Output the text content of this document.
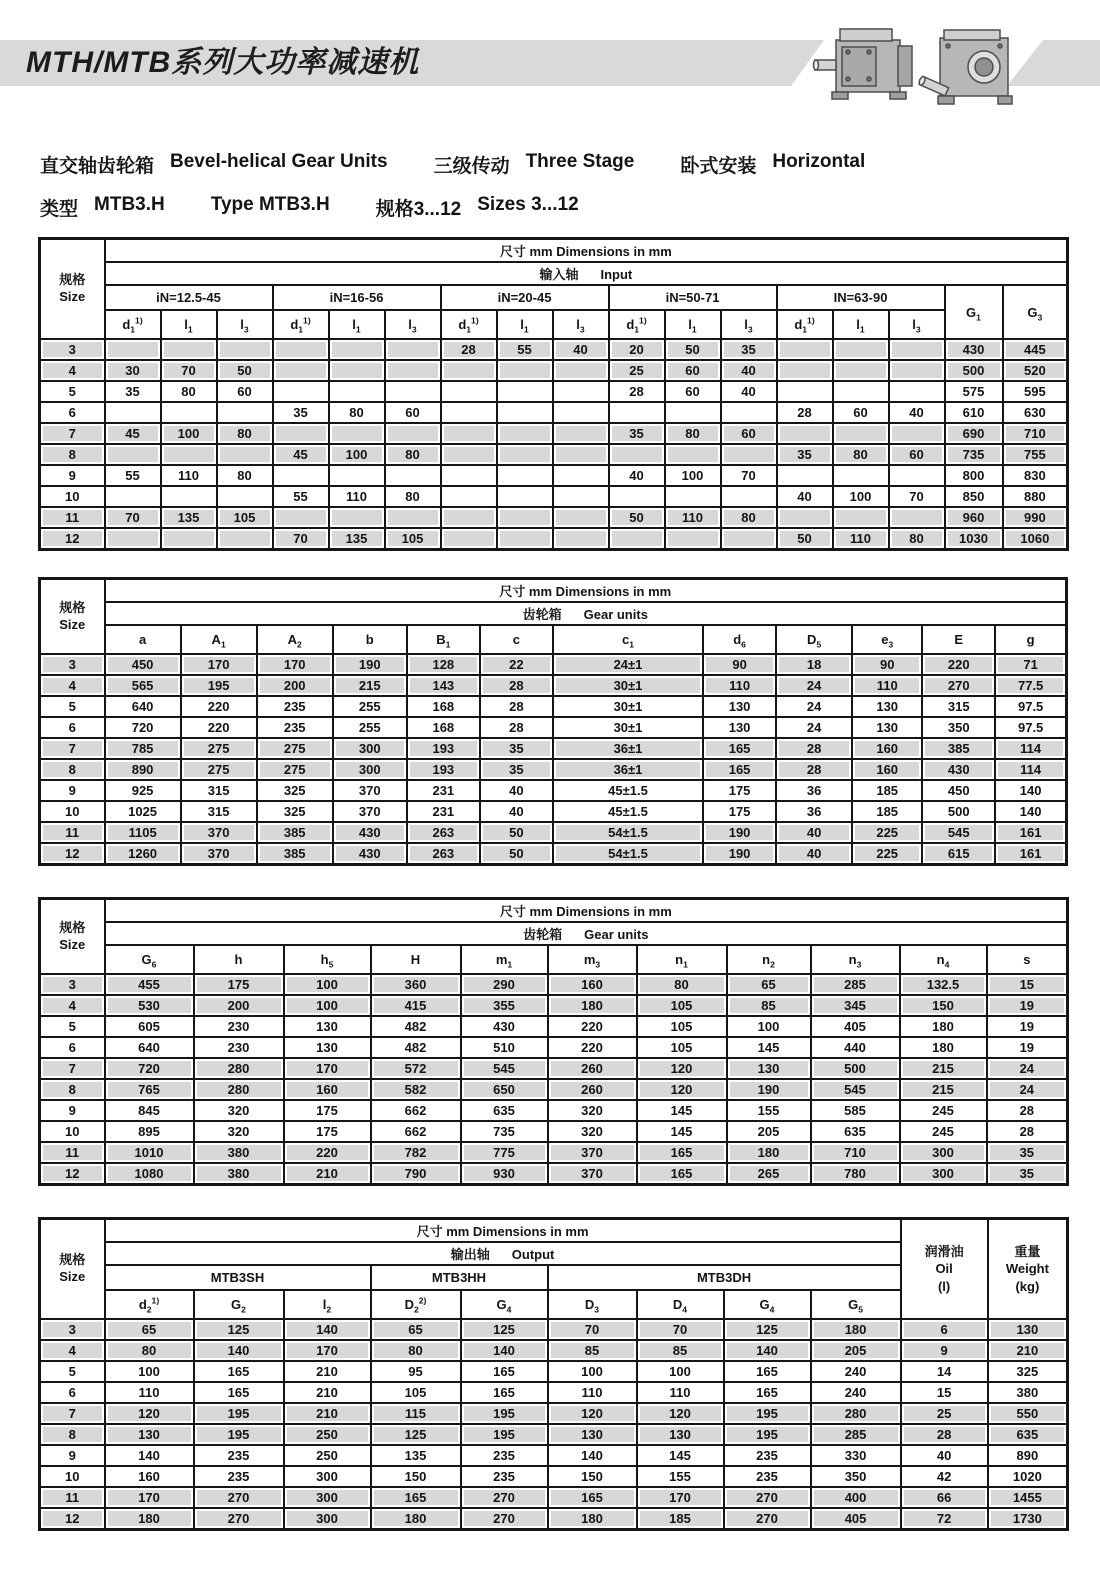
MTH/MTB系列大功率减速机
直交轴齿轮箱 Bevel-helical Gear Units 三级传动 Three Stage 卧式安装 Horizontal
类型 MTB3.H Type MTB3.H 规格3...12 Sizes 3...12
规格
Size	尺寸 mm Dimensions in mm																
	输入轴 Input																
	iN=12.5-45			iN=16-56			iN=20-45			iN=50-71			IN=63-90			$G_1$	$G_3$
	$d_1^{1)}$	$l_1$	$l_3$	$d_1^{1)}$	$l_1$	$l_3$	$d_1^{1)}$	$l_1$	$l_3$	$d_1^{1)}$	$l_1$	$l_3$	$d_1^{1)}$	$l_1$	$l_3$
3							28	55	40	20	50	35				430	445
4	30	70	50							25	60	40				500	520
5	35	80	60							28	60	40				575	595
6				35	80	60							28	60	40	610	630
7	45	100	80							35	80	60				690	710
8				45	100	80							35	80	60	735	755
9	55	110	80							40	100	70				800	830
10				55	110	80							40	100	70	850	880
11	70	135	105							50	110	80				960	990
12				70	135	105							50	110	80	1030	1060
规格
Size	尺寸 mm Dimensions in mm											
	齿轮箱 Gear units											
	a	$A_1$	$A_2$	b	$B_1$	c	$c_1$	$d_6$	$D_5$	$e_3$	E	g
3	450	170	170	190	128	22	24±1	90	18	90	220	71
4	565	195	200	215	143	28	30±1	110	24	110	270	77.5
5	640	220	235	255	168	28	30±1	130	24	130	315	97.5
6	720	220	235	255	168	28	30±1	130	24	130	350	97.5
7	785	275	275	300	193	35	36±1	165	28	160	385	114
8	890	275	275	300	193	35	36±1	165	28	160	430	114
9	925	315	325	370	231	40	45±1.5	175	36	185	450	140
10	1025	315	325	370	231	40	45±1.5	175	36	185	500	140
11	1105	370	385	430	263	50	54±1.5	190	40	225	545	161
12	1260	370	385	430	263	50	54±1.5	190	40	225	615	161
规格
Size	尺寸 mm Dimensions in mm										
	齿轮箱 Gear units										
	$G_6$	h	$h_5$	H	$m_1$	$m_3$	$n_1$	$n_2$	$n_3$	$n_4$	s
3	455	175	100	360	290	160	80	65	285	132.5	15
4	530	200	100	415	355	180	105	85	345	150	19
5	605	230	130	482	430	220	105	100	405	180	19
6	640	230	130	482	510	220	105	145	440	180	19
7	720	280	170	572	545	260	120	130	500	215	24
8	765	280	160	582	650	260	120	190	545	215	24
9	845	320	175	662	635	320	145	155	585	245	28
10	895	320	175	662	735	320	145	205	635	245	28
11	1010	380	220	782	775	370	165	180	710	300	35
12	1080	380	210	790	930	370	165	265	780	300	35
规格
Size	尺寸 mm Dimensions in mm									润滑油
Oil
(l)	重量
Weight
(kg)
	输出轴 Output										
	MTB3SH			MTB3HH		MTB3DH					
	$d_2^{1)}$	$G_2$	$l_2$	$D_2^{2)}$	$G_4$	$D_3$	$D_4$	$G_4$	$G_5$
3	65	125	140	65	125	70	70	125	180	6	130
4	80	140	170	80	140	85	85	140	205	9	210
5	100	165	210	95	165	100	100	165	240	14	325
6	110	165	210	105	165	110	110	165	240	15	380
7	120	195	210	115	195	120	120	195	280	25	550
8	130	195	250	125	195	130	130	195	285	28	635
9	140	235	250	135	235	140	145	235	330	40	890
10	160	235	300	150	235	150	155	235	350	42	1020
11	170	270	300	165	270	165	170	270	400	66	1455
12	180	270	300	180	270	180	185	270	405	72	1730
